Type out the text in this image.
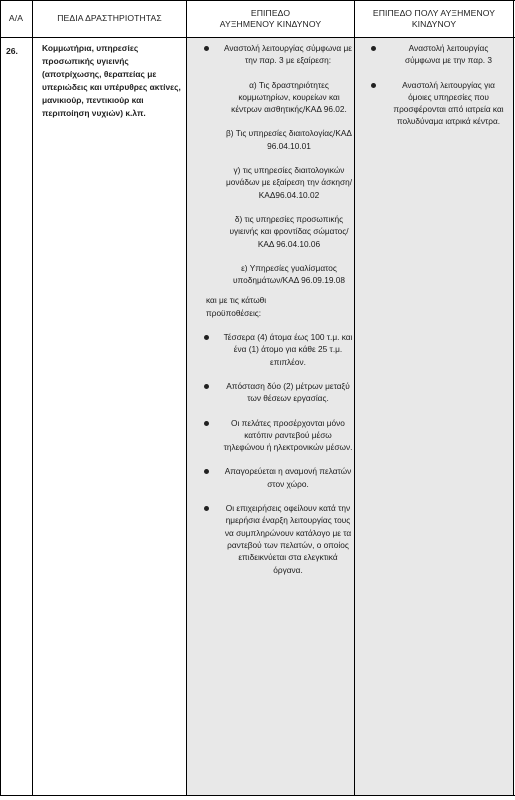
Α/Α	ΠΕΔΙΑ ΔΡΑΣΤΗΡΙΟΤΗΤΑΣ
ΕΠΙΠΕΔΟ
ΑΥΞΗΜΕΝΟΥ ΚΙΝΔΥΝΟΥ
ΕΠΙΠΕΔΟ ΠΟΛΥ ΑΥΞΗΜΕΝΟΥ
ΚΙΝΔΥΝΟΥ
26.	Κομμωτήρια, υπηρεσίες προσωπικής υγιεινής (αποτρίχωσης, θεραπείας με υπεριώδεις και υπέρυθρες ακτίνες, μανικιούρ, πεντικιούρ και περιποίηση νυχιών) κ.λπ.
Αναστολή λειτουργίας σύμφωνα με την παρ. 3 με εξαίρεση:

α) Τις δραστηριότητες κομμωτηρίων, κουρείων και κέντρων αισθητικής/ΚΑΔ 96.02.

β) Τις υπηρεσίες διαιτολογίας/ΚΑΔ 96.04.10.01

γ) τις υπηρεσίες διαιτολογικών μονάδων με εξαίρεση την άσκηση/ΚΑΔ96.04.10.02

δ) τις υπηρεσίες προσωπικής υγιεινής και φροντίδας σώματος/ΚΑΔ 96.04.10.06

ε) Υπηρεσίες γυαλίσματος υποδημάτων/ΚΑΔ 96.09.19.08

και με τις κάτωθι προϋποθέσεις:
Τέσσερα (4) άτομα έως 100 τ.μ. και ένα (1) άτομο για κάθε 25 τ.μ. επιπλέον.
Απόσταση δύο (2) μέτρων μεταξύ των θέσεων εργασίας.
Οι πελάτες προσέρχονται μόνο κατόπιν ραντεβού μέσω τηλεφώνου ή ηλεκτρονικών μέσων.
Απαγορεύεται η αναμονή πελατών στον χώρο.
Οι επιχειρήσεις οφείλουν κατά την ημερήσια έναρξη λειτουργίας τους να συμπληρώνουν κατάλογο με τα ραντεβού των πελατών, ο οποίος επιδεικνύεται στα ελεγκτικά όργανα.
Αναστολή λειτουργίας σύμφωνα με την παρ. 3
Αναστολή λειτουργίας για όμοιες υπηρεσίες που προσφέρονται από ιατρεία και πολυδύναμα ιατρικά κέντρα.
